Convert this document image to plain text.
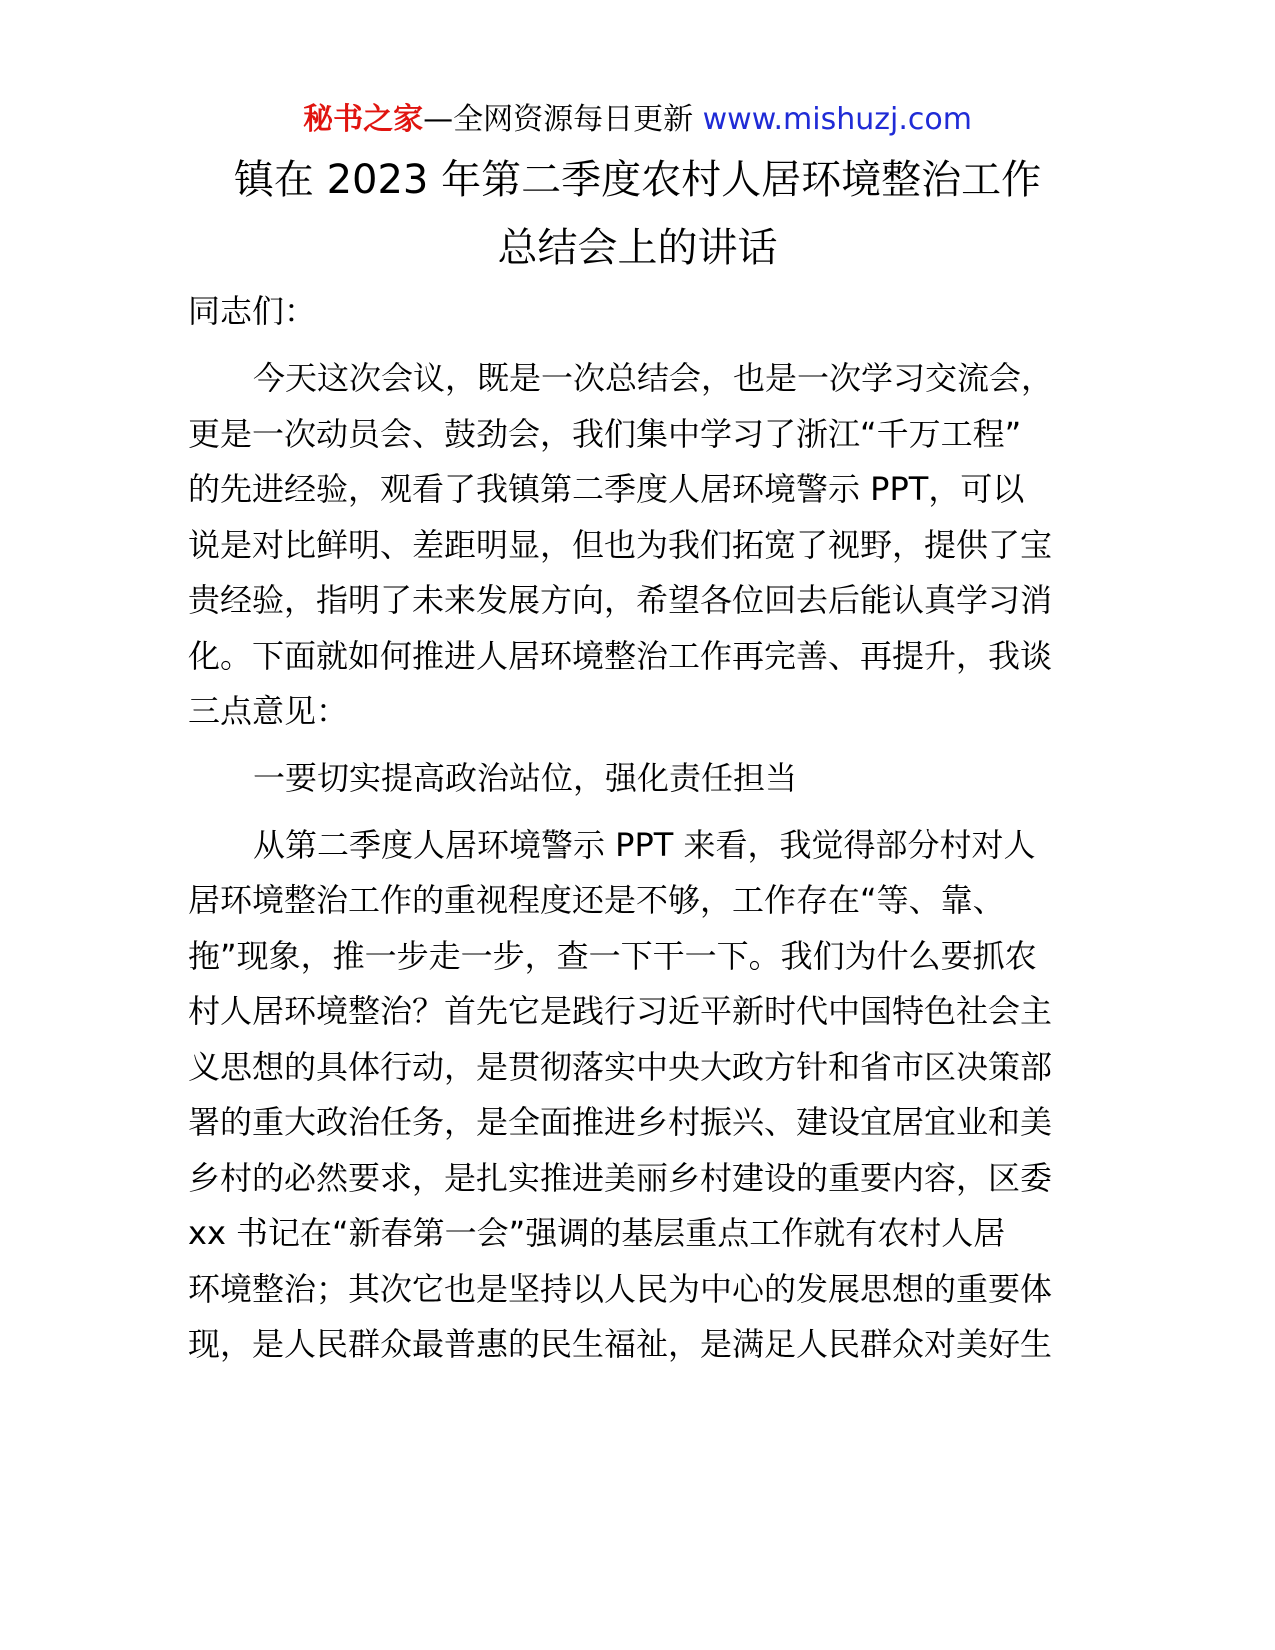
秘书之家—全网资源每日更新 www.mishuzj.com
镇在 2023 年第二季度农村人居环境整治工作
总结会上的讲话

同志们：

今天这次会议，既是一次总结会，也是一次学习交流会，

更是一次动员会、鼓劲会，我们集中学习了浙江“千万工程”

的先进经验，观看了我镇第二季度人居环境警示 PPT，可以

说是对比鲜明、差距明显，但也为我们拓宽了视野，提供了宝

贵经验，指明了未来发展方向，希望各位回去后能认真学习消

化。下面就如何推进人居环境整治工作再完善、再提升，我谈

三点意见：

一要切实提高政治站位，强化责任担当

从第二季度人居环境警示 PPT 来看，我觉得部分村对人

居环境整治工作的重视程度还是不够，工作存在“等、靠、

拖”现象，推一步走一步，查一下干一下。我们为什么要抓农

村人居环境整治？首先它是践行习近平新时代中国特色社会主

义思想的具体行动，是贯彻落实中央大政方针和省市区决策部

署的重大政治任务，是全面推进乡村振兴、建设宜居宜业和美

乡村的必然要求，是扎实推进美丽乡村建设的重要内容，区委

xx 书记在“新春第一会”强调的基层重点工作就有农村人居

环境整治；其次它也是坚持以人民为中心的发展思想的重要体

现，是人民群众最普惠的民生福祉，是满足人民群众对美好生
